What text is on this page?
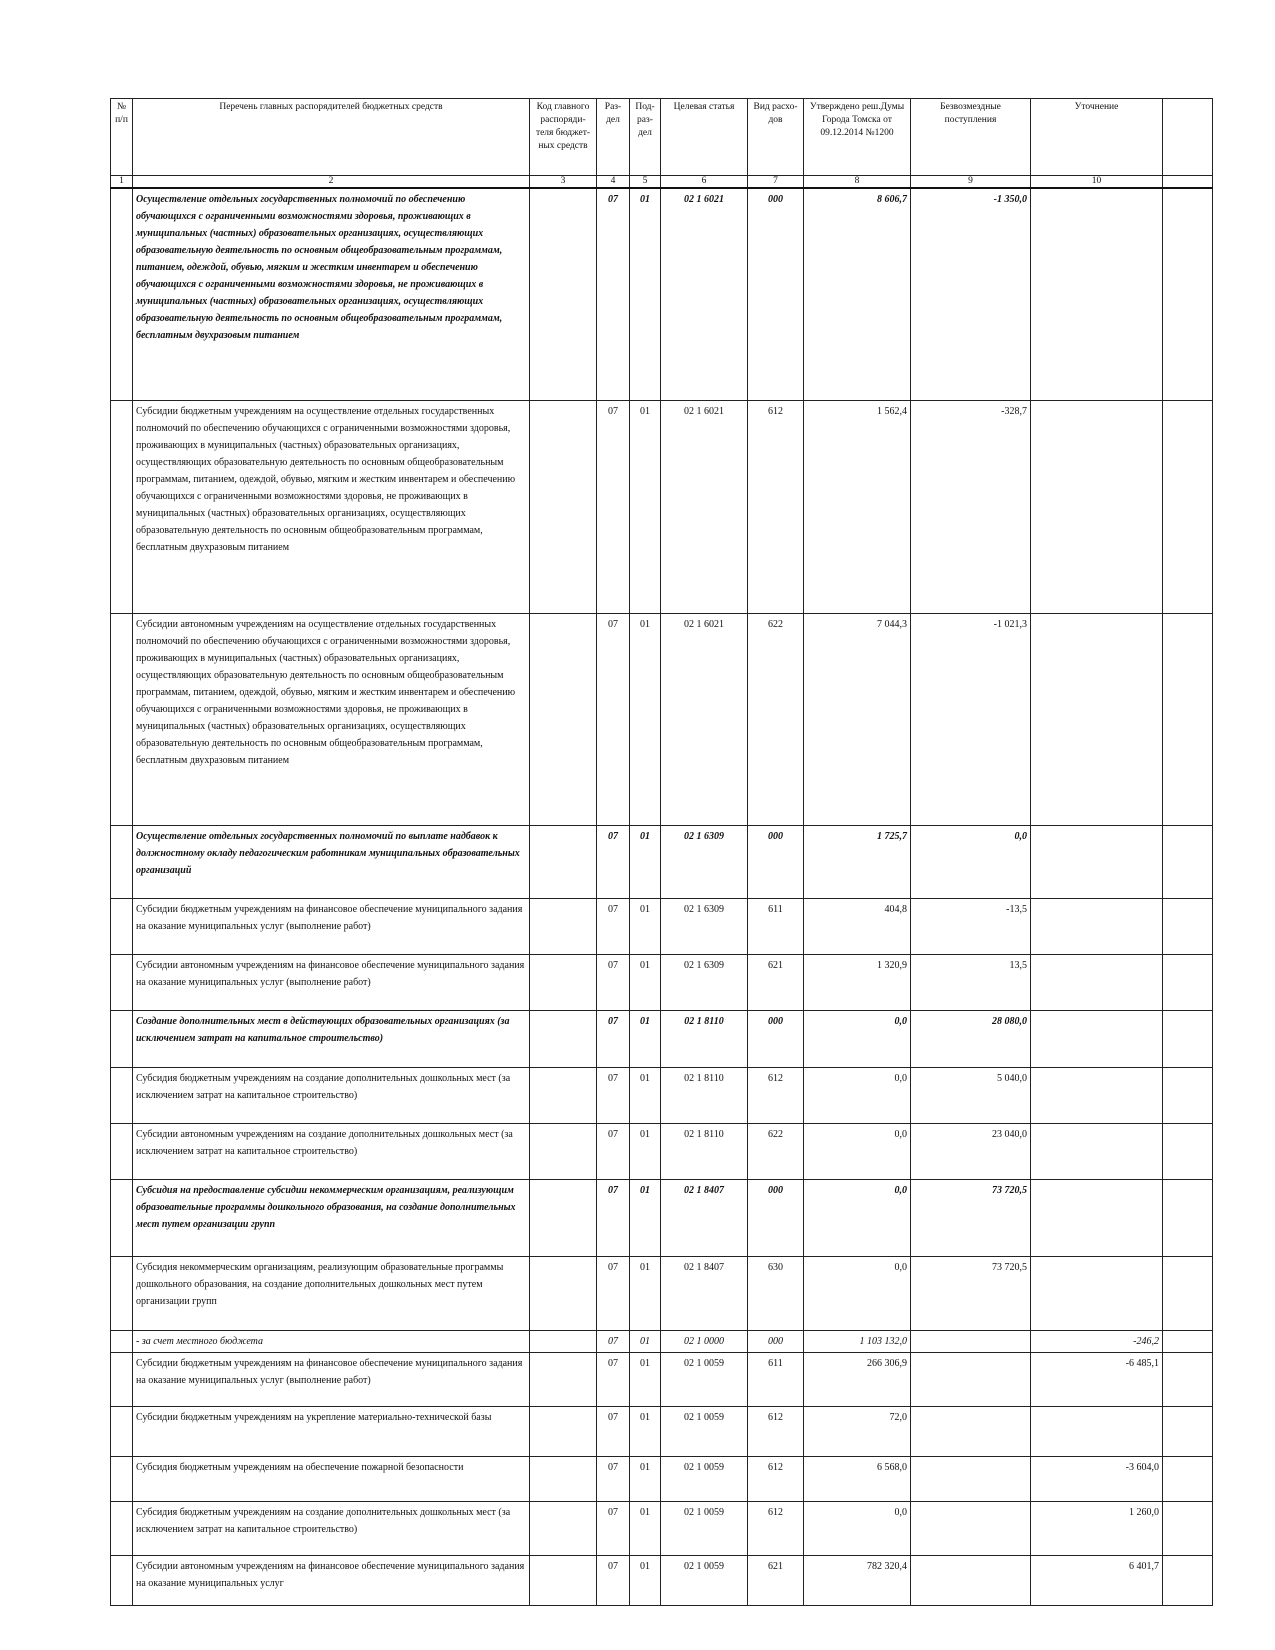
№ п/п	Перечень главных распорядителей бюджетных средств	Код главного распоряди-теля бюджет-ных средств	Раз-дел	Под-раз-дел	Целевая статья	Вид расхо-дов	Утверждено реш.Думы Города Томска от 09.12.2014 №1200	Безвозмездные поступления	Уточнение	
1	2	3	4	5	6	7	8	9	10	
	Осуществление отдельных государственных полномочий по обеспечению обучающихся с ограниченными возможностями здоровья, проживающих в муниципальных (частных) образовательных организациях, осуществляющих образовательную деятельность по основным общеобразовательным программам, питанием, одеждой, обувью, мягким и жестким инвентарем и обеспечению обучающихся с ограниченными возможностями здоровья, не проживающих в муниципальных (частных) образовательных организациях, осуществляющих образовательную деятельность по основным общеобразовательным программам, бесплатным двухразовым питанием		07	01	02 1 6021	000	8 606,7	-1 350,0		
	Субсидии бюджетным учреждениям на осуществление отдельных государственных полномочий по обеспечению обучающихся с ограниченными возможностями здоровья, проживающих в муниципальных (частных) образовательных организациях, осуществляющих образовательную деятельность по основным общеобразовательным программам, питанием, одеждой, обувью, мягким и жестким инвентарем и обеспечению обучающихся с ограниченными возможностями здоровья, не проживающих в муниципальных (частных) образовательных организациях, осуществляющих образовательную деятельность по основным общеобразовательным программам, бесплатным двухразовым питанием		07	01	02 1 6021	612	1 562,4	-328,7		
	Субсидии автономным учреждениям на осуществление отдельных государственных полномочий по обеспечению обучающихся с ограниченными возможностями здоровья, проживающих в муниципальных (частных) образовательных организациях, осуществляющих образовательную деятельность по основным общеобразовательным программам, питанием, одеждой, обувью, мягким и жестким инвентарем и обеспечению обучающихся с ограниченными возможностями здоровья, не проживающих в муниципальных (частных) образовательных организациях, осуществляющих образовательную деятельность по основным общеобразовательным программам, бесплатным двухразовым питанием		07	01	02 1 6021	622	7 044,3	-1 021,3		
	Осуществление отдельных государственных полномочий по выплате надбавок к должностному окладу педагогическим работникам муниципальных образовательных организаций		07	01	02 1 6309	000	1 725,7	0,0		
	Субсидии бюджетным учреждениям на финансовое обеспечение муниципального задания на оказание муниципальных услуг (выполнение работ)		07	01	02 1 6309	611	404,8	-13,5		
	Субсидии автономным учреждениям на финансовое обеспечение муниципального задания на оказание муниципальных услуг (выполнение работ)		07	01	02 1 6309	621	1 320,9	13,5		
	Создание дополнительных мест в действующих образовательных организациях (за исключением затрат на капитальное строительство)		07	01	02 1 8110	000	0,0	28 080,0		
	Субсидия бюджетным учреждениям на создание дополнительных дошкольных мест (за исключением затрат на капитальное строительство)		07	01	02 1 8110	612	0,0	5 040,0		
	Субсидии автономным учреждениям на создание дополнительных дошкольных мест (за исключением затрат на капитальное строительство)		07	01	02 1 8110	622	0,0	23 040,0		
	Субсидия на предоставление субсидии некоммерческим организациям, реализующим образовательные программы дошкольного образования, на создание дополнительных мест путем организации групп		07	01	02 1 8407	000	0,0	73 720,5		
	Субсидия некоммерческим организациям, реализующим образовательные программы дошкольного образования, на создание дополнительных дошкольных мест путем организации групп		07	01	02 1 8407	630	0,0	73 720,5		
	- за счет местного бюджета		07	01	02 1 0000	000	1 103 132,0		-246,2	
	Субсидии бюджетным учреждениям на финансовое обеспечение муниципального задания на оказание муниципальных услуг (выполнение работ)		07	01	02 1 0059	611	266 306,9		-6 485,1	
	Субсидии бюджетным учреждениям на укрепление материально-технической базы		07	01	02 1 0059	612	72,0			
	Субсидия бюджетным учреждениям на обеспечение пожарной безопасности		07	01	02 1 0059	612	6 568,0		-3 604,0	
	Субсидия бюджетным учреждениям на создание дополнительных дошкольных мест (за исключением затрат на капитальное строительство)		07	01	02 1 0059	612	0,0		1 260,0	
	Субсидии автономным учреждениям на финансовое обеспечение муниципального задания на оказание муниципальных услуг		07	01	02 1 0059	621	782 320,4		6 401,7	
